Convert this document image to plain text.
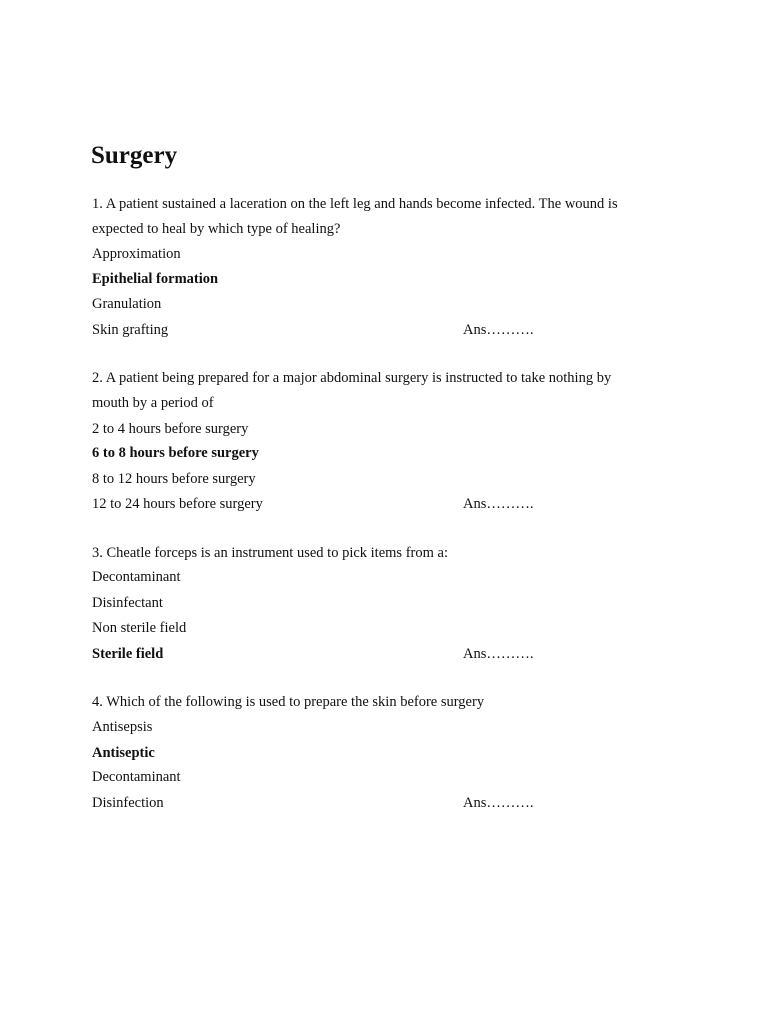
Surgery
1. A patient sustained a laceration on the left leg and hands become infected. The wound is
expected to heal by which type of healing?
Approximation
Epithelial formation
Granulation
Skin grafting	Ans……….
2. A patient being prepared for a major abdominal surgery is instructed to take nothing by
mouth by a period of
2 to 4 hours before surgery
6 to 8 hours before surgery
8 to 12 hours before surgery
12 to 24 hours before surgery	Ans……….
3. Cheatle forceps is an instrument used to pick items from a:
Decontaminant
Disinfectant
Non sterile field
Sterile field	Ans……….
4. Which of the following is used to prepare the skin before surgery
Antisepsis
Antiseptic
Decontaminant
Disinfection	Ans……….
